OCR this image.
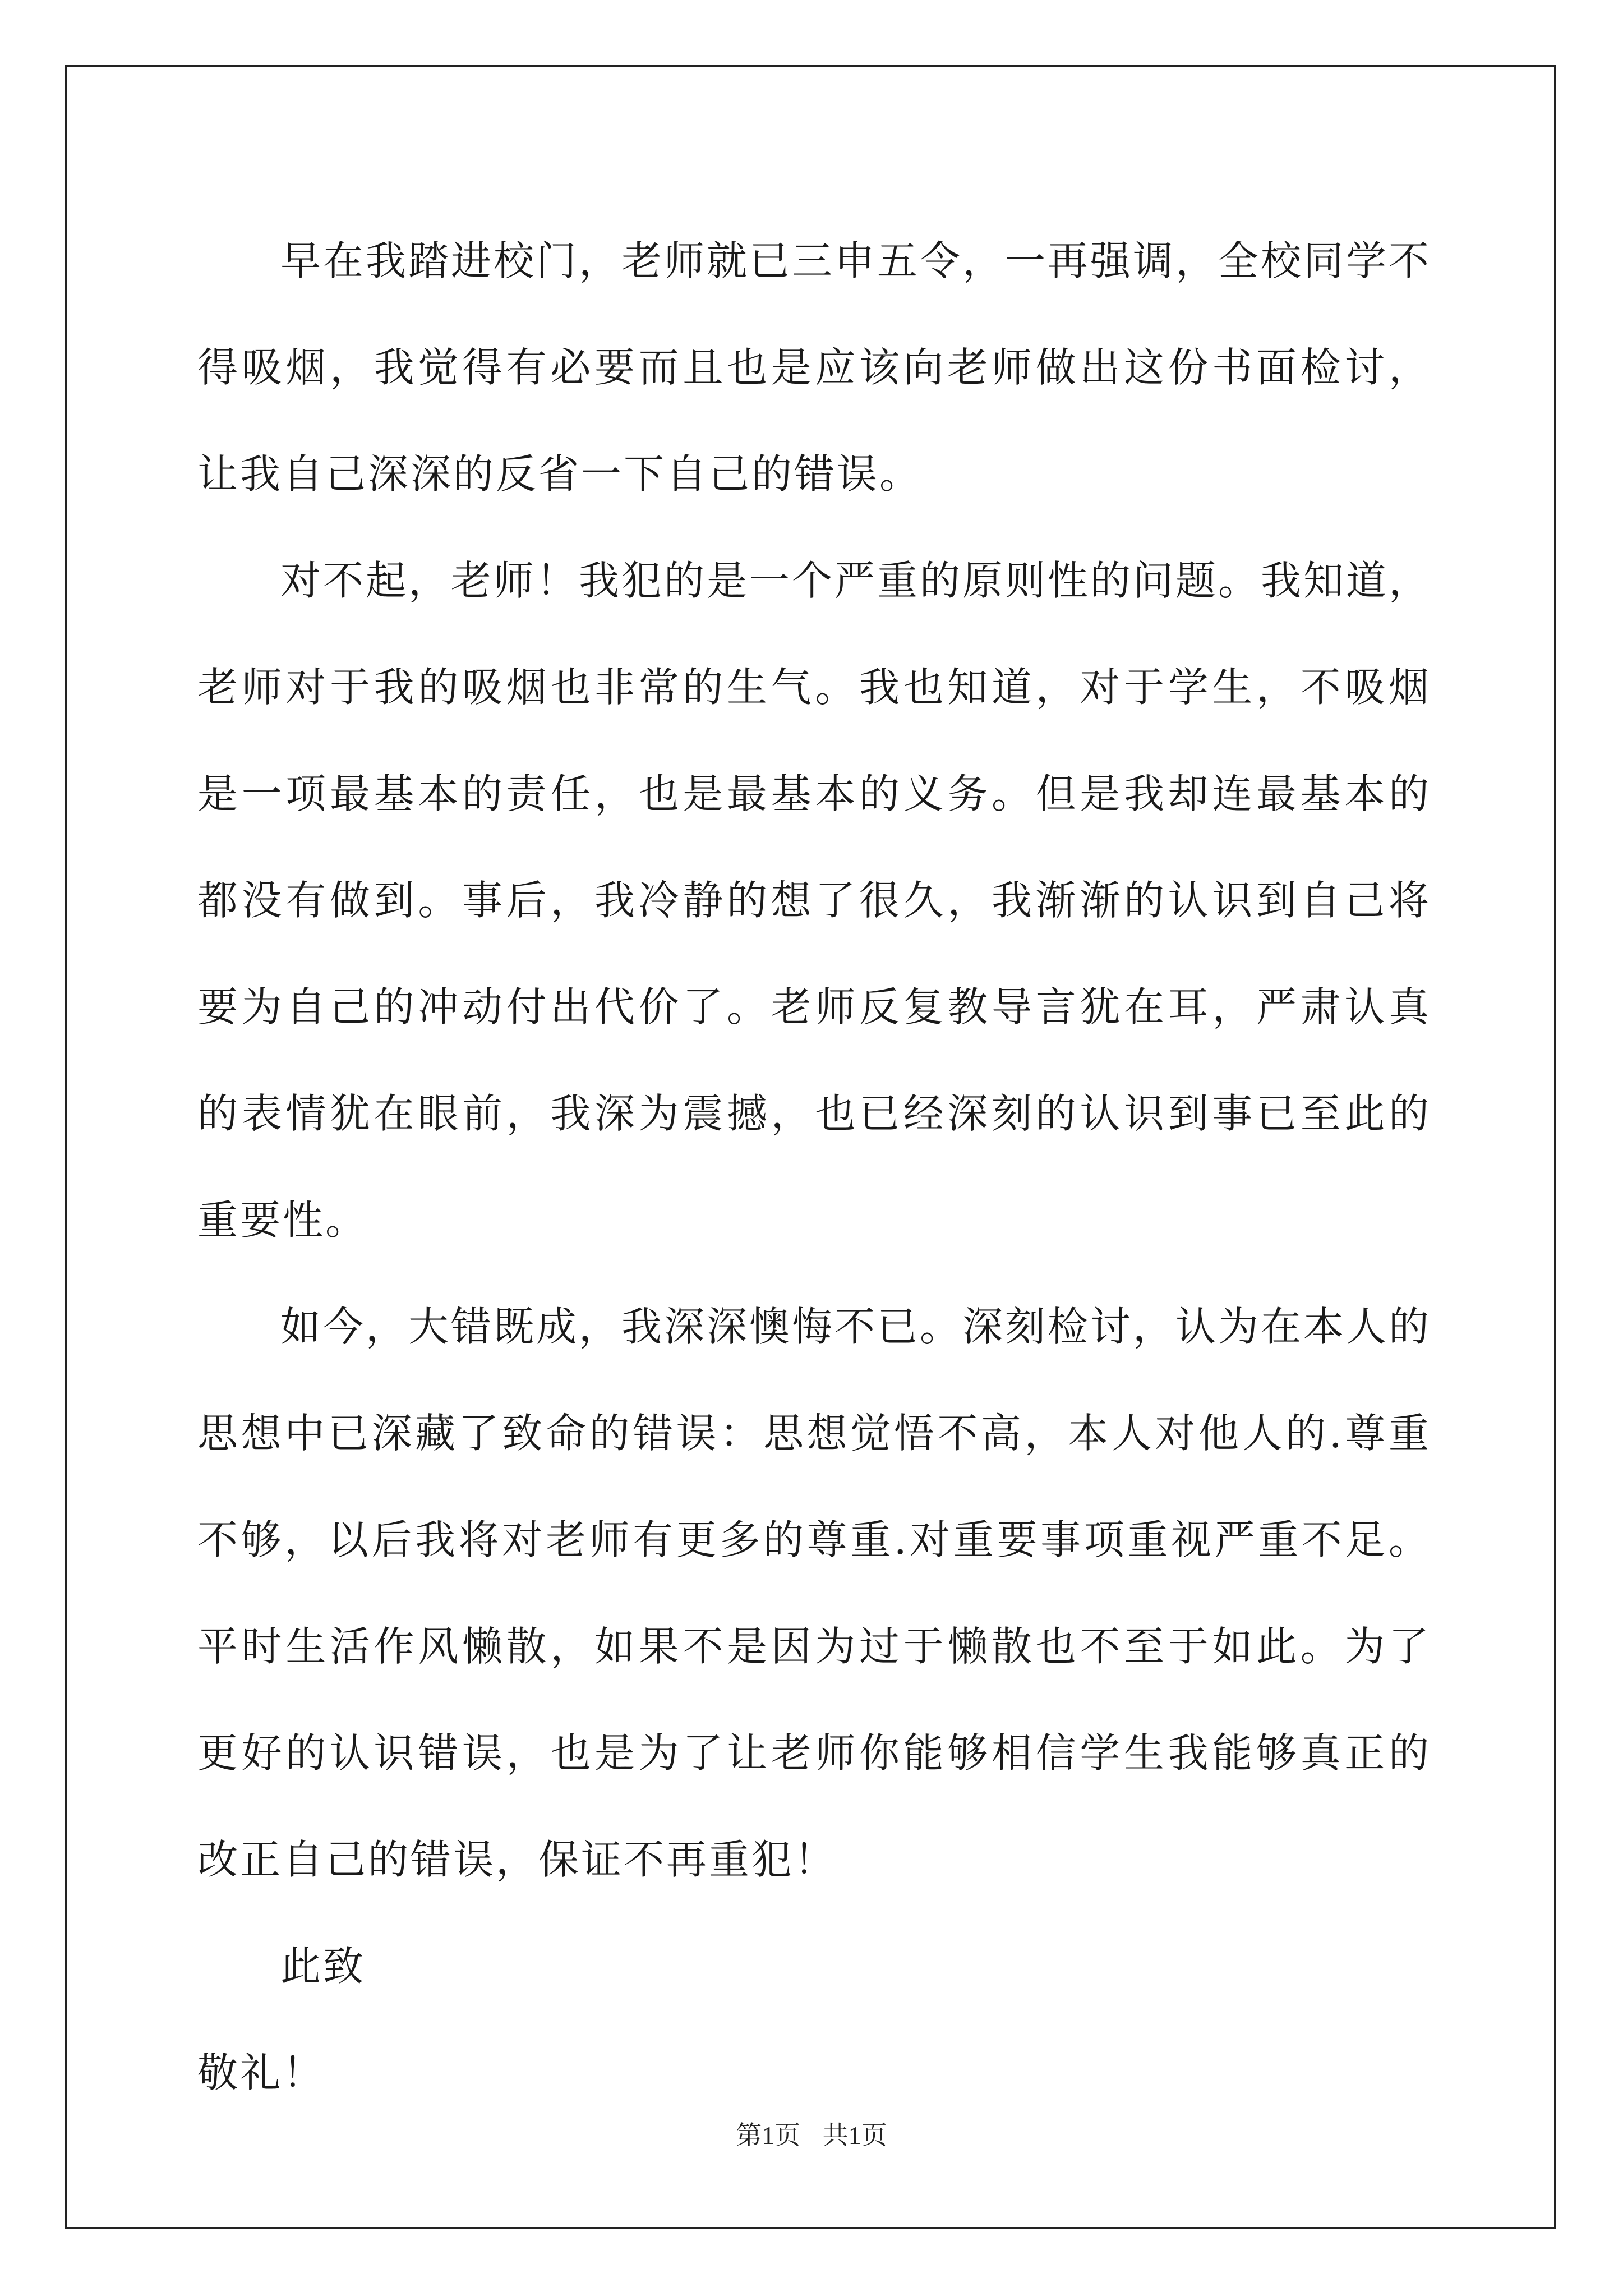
早在我踏进校门，老师就已三申五令，一再强调，全校同学不得吸烟，我觉得有必要而且也是应该向老师做出这份书面检讨，让我自己深深的反省一下自己的错误。

对不起，老师！我犯的是一个严重的原则性的问题。我知道，老师对于我的吸烟也非常的生气。我也知道，对于学生，不吸烟是一项最基本的责任，也是最基本的义务。但是我却连最基本的都没有做到。事后，我冷静的想了很久，我渐渐的认识到自己将要为自己的冲动付出代价了。老师反复教导言犹在耳，严肃认真的表情犹在眼前，我深为震撼，也已经深刻的认识到事已至此的重要性。

如今，大错既成，我深深懊悔不已。深刻检讨，认为在本人的思想中已深藏了致命的错误：思想觉悟不高，本人对他人的.尊重不够，以后我将对老师有更多的尊重.对重要事项重视严重不足。平时生活作风懒散，如果不是因为过于懒散也不至于如此。为了更好的认识错误，也是为了让老师你能够相信学生我能够真正的改正自己的错误，保证不再重犯！

此致

敬礼！

第1页 共1页
